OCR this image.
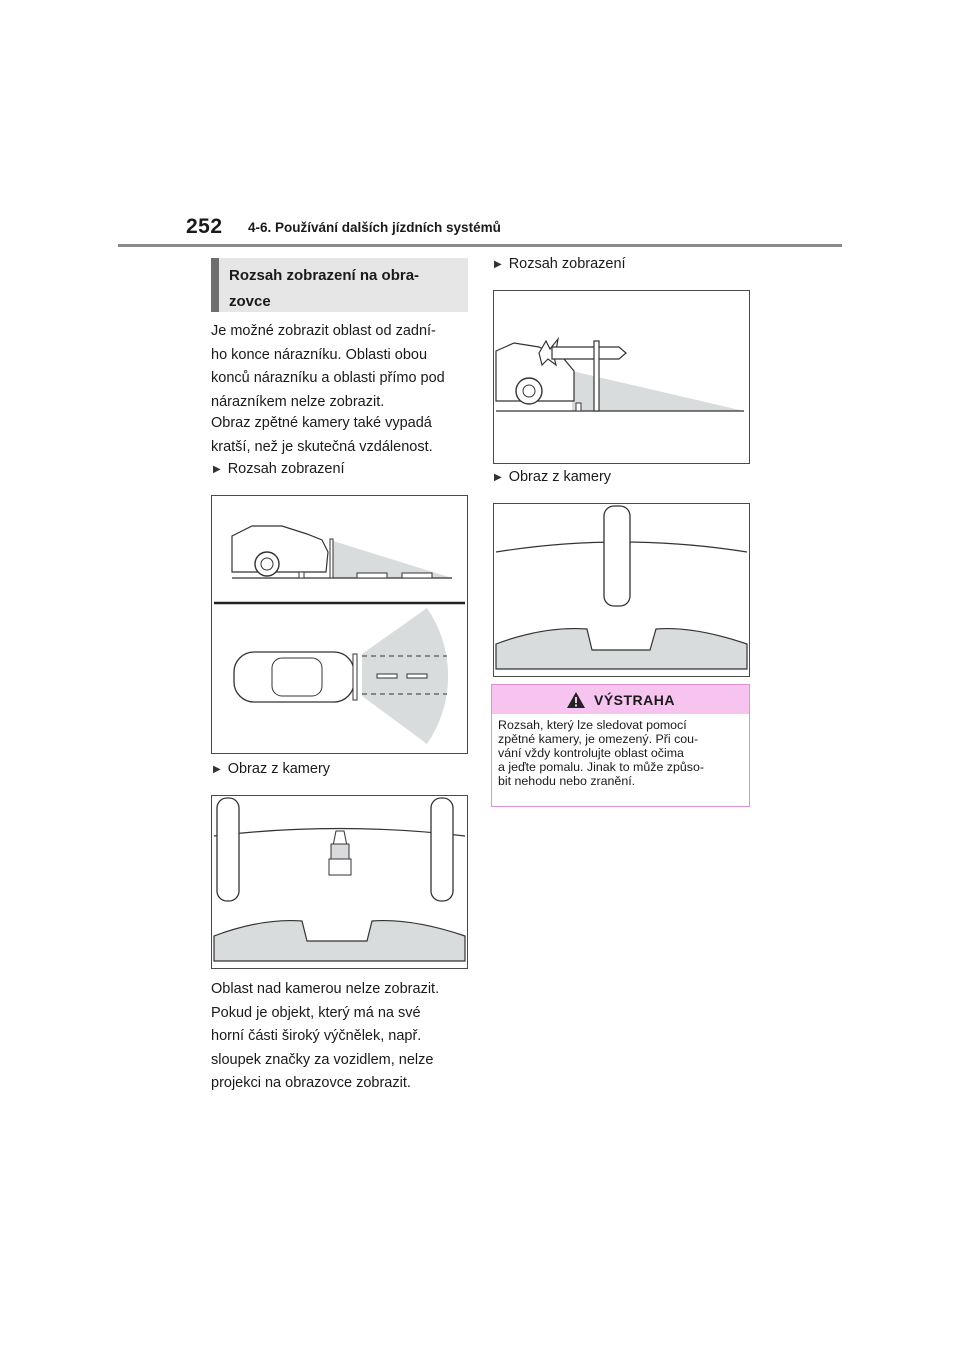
252 4-6. Používání dalších jízdních systémů
Rozsah zobrazení na obra-
zovce

Je možné zobrazit oblast od zadní-

ho konce nárazníku. Oblasti obou

konců nárazníku a oblasti přímo pod

nárazníkem nelze zobrazit.

Obraz zpětné kamery také vypadá

kratší, než je skutečná vzdálenost.

▶ Rozsah zobrazení
▶ Obraz z kamery

Oblast nad kamerou nelze zobrazit.

Pokud je objekt, který má na své

horní části široký výčnělek, např.

sloupek značky za vozidlem, nelze

projekci na obrazovce zobrazit.

▶ Rozsah zobrazení
▶ Obraz z kamery
VÝSTRAHA

Rozsah, který lze sledovat pomocí

zpětné kamery, je omezený. Při cou-

vání vždy kontrolujte oblast očima

a jeďte pomalu. Jinak to může způso-

bit nehodu nebo zranění.
